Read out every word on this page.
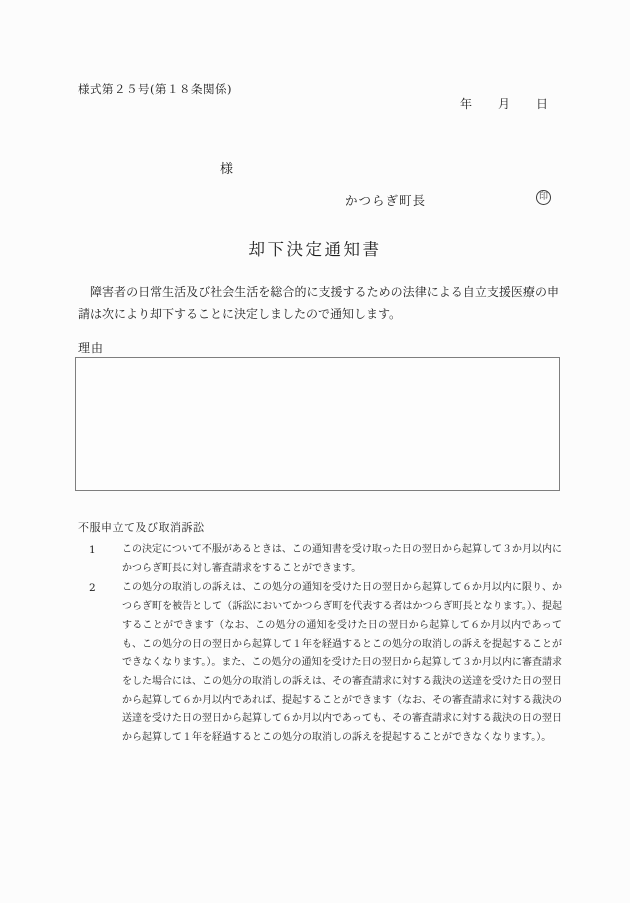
様式第２５号(第１８条関係)
年 月 日
様
かつらぎ町長	印
却下決定通知書
障害者の日常生活及び社会生活を総合的に支援するための法律による自立支援医療の申請は次により却下することに決定しましたので通知します。
理由
不服申立て及び取消訴訟
1	この決定について不服があるときは、この通知書を受け取った日の翌日から起算して３か月以内にかつらぎ町長に対し審査請求をすることができます。
2	この処分の取消しの訴えは、この処分の通知を受けた日の翌日から起算して６か月以内に限り、かつらぎ町を被告として（訴訟においてかつらぎ町を代表する者はかつらぎ町長となります。）、提起することができます（なお、この処分の通知を受けた日の翌日から起算して６か月以内であっても、この処分の日の翌日から起算して１年を経過するとこの処分の取消しの訴えを提起することができなくなります。）。また、この処分の通知を受けた日の翌日から起算して３か月以内に審査請求をした場合には、この処分の取消しの訴えは、その審査請求に対する裁決の送達を受けた日の翌日から起算して６か月以内であれば、提起することができます（なお、その審査請求に対する裁決の送達を受けた日の翌日から起算して６か月以内であっても、その審査請求に対する裁決の日の翌日から起算して１年を経過するとこの処分の取消しの訴えを提起することができなくなります。）。
